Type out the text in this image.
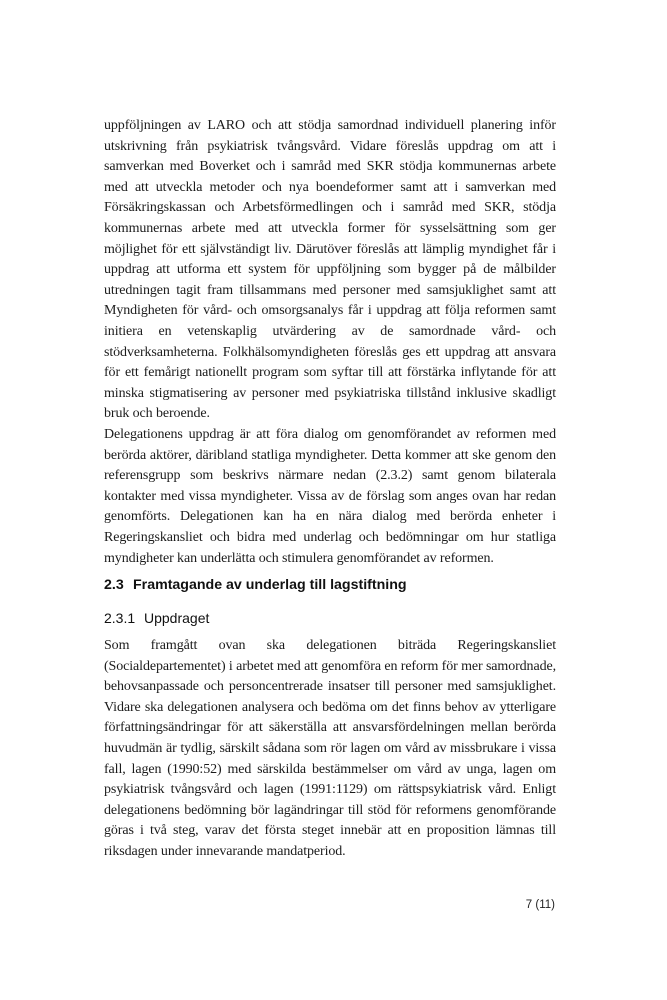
uppföljningen av LARO och att stödja samordnad individuell planering inför utskrivning från psykiatrisk tvångsvård. Vidare föreslås uppdrag om att i samverkan med Boverket och i samråd med SKR stödja kommunernas arbete med att utveckla metoder och nya boendeformer samt att i samverkan med Försäkringskassan och Arbetsförmedlingen och i samråd med SKR, stödja kommunernas arbete med att utveckla former för sysselsättning som ger möjlighet för ett självständigt liv. Därutöver föreslås att lämplig myndighet får i uppdrag att utforma ett system för uppföljning som bygger på de målbilder utredningen tagit fram tillsammans med personer med samsjuklighet samt att Myndigheten för vård- och omsorgsanalys får i uppdrag att följa reformen samt initiera en vetenskaplig utvärdering av de samordnade vård- och stödverksamheterna. Folkhälsomyndigheten föreslås ges ett uppdrag att ansvara för ett femårigt nationellt program som syftar till att förstärka inflytande för att minska stigmatisering av personer med psykiatriska tillstånd inklusive skadligt bruk och beroende.

Delegationens uppdrag är att föra dialog om genomförandet av reformen med berörda aktörer, däribland statliga myndigheter. Detta kommer att ske genom den referensgrupp som beskrivs närmare nedan (2.3.2) samt genom bilaterala kontakter med vissa myndigheter. Vissa av de förslag som anges ovan har redan genomförts. Delegationen kan ha en nära dialog med berörda enheter i Regeringskansliet och bidra med underlag och bedömningar om hur statliga myndigheter kan underlätta och stimulera genomförandet av reformen.

2.3 Framtagande av underlag till lagstiftning
2.3.1 Uppdraget

Som framgått ovan ska delegationen biträda Regeringskansliet (Socialdepartementet) i arbetet med att genomföra en reform för mer samordnade, behovsanpassade och personcentrerade insatser till personer med samsjuklighet. Vidare ska delegationen analysera och bedöma om det finns behov av ytterligare författningsändringar för att säkerställa att ansvarsfördelningen mellan berörda huvudmän är tydlig, särskilt sådana som rör lagen om vård av missbrukare i vissa fall, lagen (1990:52) med särskilda bestämmelser om vård av unga, lagen om psykiatrisk tvångsvård och lagen (1991:1129) om rättspsykiatrisk vård. Enligt delegationens bedömning bör lagändringar till stöd för reformens genomförande göras i två steg, varav det första steget innebär att en proposition lämnas till riksdagen under innevarande mandatperiod.

7 (11)
